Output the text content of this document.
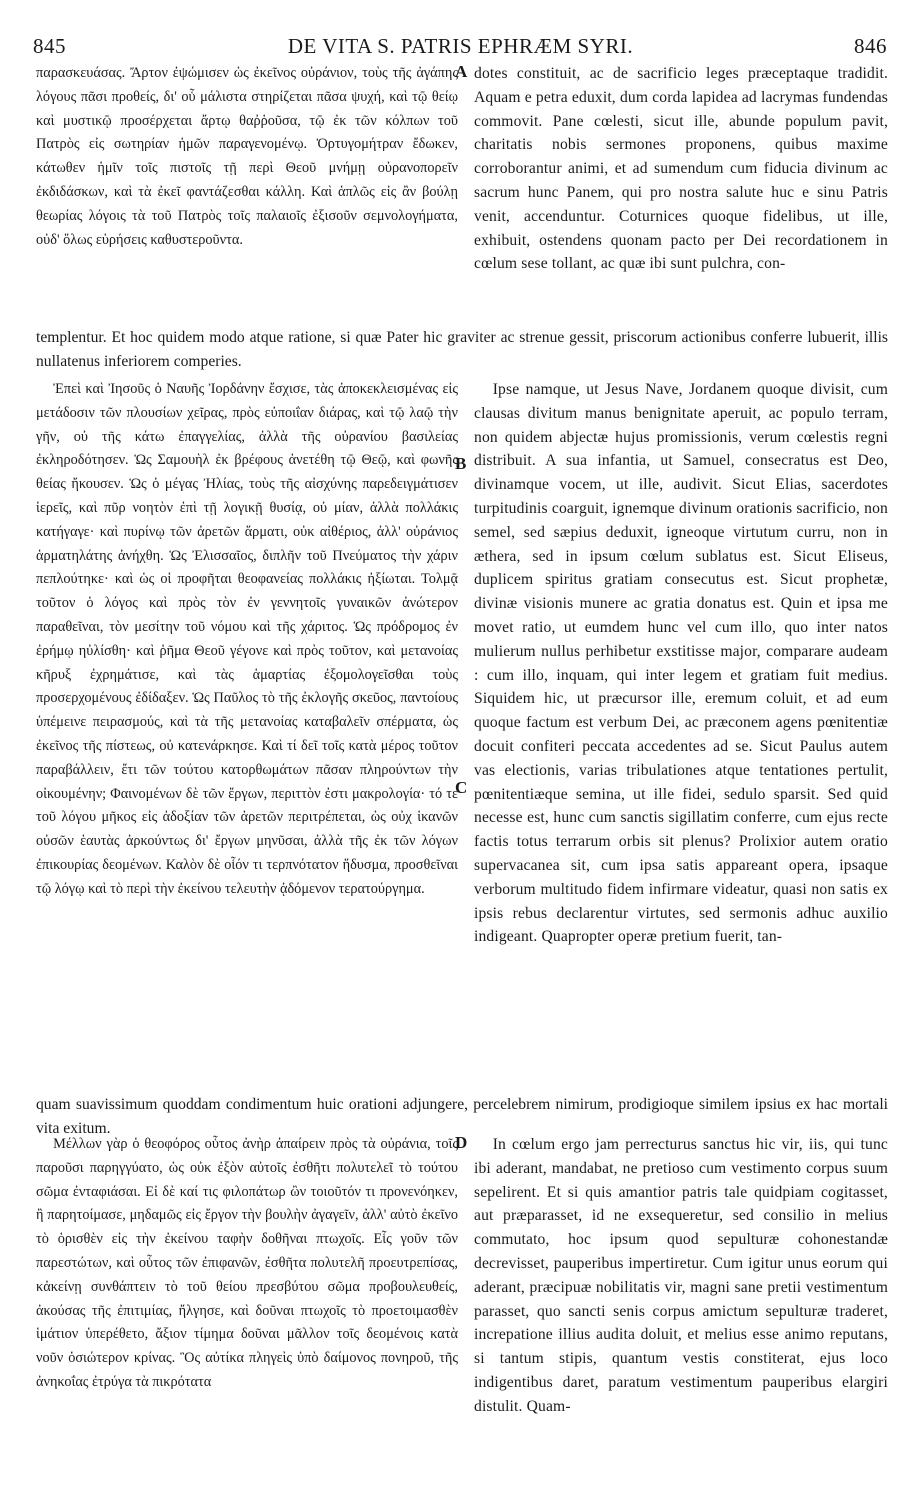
845	DE VITA S. PATRIS EPHRÆM SYRI.	846
A
B
C
D

παρασκευάσας. Ἄρτον ἐψώμισεν ὡς ἐκεῖνος οὐράνιον, τοὺς τῆς ἀγάπης λόγους πᾶσι προθείς, δι' οὗ μάλιστα στηρίζεται πᾶσα ψυχή, καὶ τῷ θείῳ καὶ μυστικῷ προσέρχεται ἄρτῳ θαῤῥοῦσα, τῷ ἐκ τῶν κόλπων τοῦ Πατρὸς εἰς σωτηρίαν ἡμῶν παραγενομένῳ. Ὀρτυγομήτραν ἔδωκεν, κάτωθεν ἡμῖν τοῖς πιστοῖς τῇ περὶ Θεοῦ μνήμῃ οὐρανοπορεῖν ἐκδιδάσκων, καὶ τὰ ἐκεῖ φαντάζεσθαι κάλλη. Καὶ ἁπλῶς εἰς ἂν βούλῃ θεωρίας λόγοις τὰ τοῦ Πατρὸς τοῖς παλαιοῖς ἐξισοῦν σεμνολογήματα, οὐδ' ὅλως εὑρήσεις καθυστεροῦντα.

dotes constituit, ac de sacrificio leges præceptaque tradidit. Aquam e petra eduxit, dum corda lapidea ad lacrymas fundendas commovit. Pane cœlesti, sicut ille, abunde populum pavit, charitatis nobis sermones proponens, quibus maxime corroborantur animi, et ad sumendum cum fiducia divinum ac sacrum hunc Panem, qui pro nostra salute huc e sinu Patris venit, accenduntur. Coturnices quoque fidelibus, ut ille, exhibuit, ostendens quonam pacto per Dei recordationem in cœlum sese tollant, ac quæ ibi sunt pulchra, con-

templentur. Et hoc quidem modo atque ratione, si quæ Pater hic graviter ac strenue gessit, priscorum actionibus conferre lubuerit, illis nullatenus inferiorem comperies.

Ἐπεὶ καὶ Ἰησοῦς ὁ Ναυῆς Ἰορδάνην ἔσχισε, τὰς ἀποκεκλεισμένας εἰς μετάδοσιν τῶν πλουσίων χεῖρας, πρὸς εὐποιΐαν διάρας, καὶ τῷ λαῷ τὴν γῆν, οὐ τῆς κάτω ἐπαγγελίας, ἀλλὰ τῆς οὐρανίου βασιλείας ἐκληροδότησεν. Ὡς Σαμουὴλ ἐκ βρέφους ἀνετέθη τῷ Θεῷ, καὶ φωνῆς θείας ἤκουσεν. Ὡς ὁ μέγας Ἠλίας, τοὺς τῆς αἰσχύνης παρεδειγμάτισεν ἱερεῖς, καὶ πῦρ νοητὸν ἐπὶ τῇ λογικῇ θυσίᾳ, οὐ μίαν, ἀλλὰ πολλάκις κατήγαγε· καὶ πυρίνῳ τῶν ἀρετῶν ἅρματι, οὐκ αἰθέριος, ἀλλ' οὐράνιος ἁρματηλάτης ἀνήχθη. Ὡς Ἐλισσαῖος, διπλῆν τοῦ Πνεύματος τὴν χάριν πεπλούτηκε· καὶ ὡς οἱ προφῆται θεοφανείας πολλάκις ἠξίωται. Τολμᾷ τοῦτον ὁ λόγος καὶ πρὸς τὸν ἐν γεννητοῖς γυναικῶν ἀνώτερον παραθεῖναι, τὸν μεσίτην τοῦ νόμου καὶ τῆς χάριτος. Ὡς πρόδρομος ἐν ἐρήμῳ ηὐλίσθη· καὶ ῥῆμα Θεοῦ γέγονε καὶ πρὸς τοῦτον, καὶ μετανοίας κῆρυξ ἐχρημάτισε, καὶ τὰς ἁμαρτίας ἐξομολογεῖσθαι τοὺς προσερχομένους ἐδίδαξεν. Ὡς Παῦλος τὸ τῆς ἐκλογῆς σκεῦος, παντοίους ὑπέμεινε πειρασμούς, καὶ τὰ τῆς μετανοίας καταβαλεῖν σπέρματα, ὡς ἐκεῖνος τῆς πίστεως, οὐ κατενάρκησε. Καὶ τί δεῖ τοῖς κατὰ μέρος τοῦτον παραβάλλειν, ἔτι τῶν τούτου κατορθωμάτων πᾶσαν πληρούντων τὴν οἰκουμένην; Φαινομένων δὲ τῶν ἔργων, περιττὸν ἐστι μακρολογία· τό τε τοῦ λόγου μῆκος εἰς ἀδοξίαν τῶν ἀρετῶν περιτρέπεται, ὡς οὐχ ἱκανῶν οὐσῶν ἑαυτὰς ἀρκούντως δι' ἔργων μηνῦσαι, ἀλλὰ τῆς ἐκ τῶν λόγων ἐπικουρίας δεομένων. Καλὸν δὲ οἷόν τι τερπνότατον ἥδυσμα, προσθεῖναι τῷ λόγῳ καὶ τὸ περὶ τὴν ἐκείνου τελευτὴν ᾀδόμενον τερατούργημα.

Ipse namque, ut Jesus Nave, Jordanem quoque divisit, cum clausas divitum manus benignitate aperuit, ac populo terram, non quidem abjectæ hujus promissionis, verum cœlestis regni distribuit. A sua infantia, ut Samuel, consecratus est Deo, divinamque vocem, ut ille, audivit. Sicut Elias, sacerdotes turpitudinis coarguit, ignemque divinum orationis sacrificio, non semel, sed sæpius deduxit, igneoque virtutum curru, non in æthera, sed in ipsum cœlum sublatus est. Sicut Eliseus, duplicem spiritus gratiam consecutus est. Sicut prophetæ, divinæ visionis munere ac gratia donatus est. Quin et ipsa me movet ratio, ut eumdem hunc vel cum illo, quo inter natos mulierum nullus perhibetur exstitisse major, comparare audeam : cum illo, inquam, qui inter legem et gratiam fuit medius. Siquidem hic, ut præcursor ille, eremum coluit, et ad eum quoque factum est verbum Dei, ac præconem agens pœnitentiæ docuit confiteri peccata accedentes ad se. Sicut Paulus autem vas electionis, varias tribulationes atque tentationes pertulit, pœnitentiæque semina, ut ille fidei, sedulo sparsit. Sed quid necesse est, hunc cum sanctis sigillatim conferre, cum ejus recte factis totus terrarum orbis sit plenus? Prolixior autem oratio supervacanea sit, cum ipsa satis appareant opera, ipsaque verborum multitudo fidem infirmare videatur, quasi non satis ex ipsis rebus declarentur virtutes, sed sermonis adhuc auxilio indigeant. Quapropter operæ pretium fuerit, tan-

quam suavissimum quoddam condimentum huic orationi adjungere, percelebrem nimirum, prodigioque similem ipsius ex hac mortali vita exitum.

Μέλλων γὰρ ὁ θεοφόρος οὗτος ἀνὴρ ἀπαίρειν πρὸς τὰ οὐράνια, τοῖς παροῦσι παρηγγύατο, ὡς οὐκ ἐξὸν αὐτοῖς ἐσθῆτι πολυτελεῖ τὸ τούτου σῶμα ἐνταφιάσαι. Εἰ δὲ καί τις φιλοπάτωρ ὢν τοιοῦτόν τι προνενόηκεν, ἢ παρητοίμασε, μηδαμῶς εἰς ἔργον τὴν βουλὴν ἀγαγεῖν, ἀλλ' αὐτὸ ἐκεῖνο τὸ ὁρισθὲν εἰς τὴν ἐκείνου ταφὴν δοθῆναι πτωχοῖς. Εἷς γοῦν τῶν παρεστώτων, καὶ οὗτος τῶν ἐπιφανῶν, ἐσθῆτα πολυτελῆ προευτρεπίσας, κἀκείνῃ συνθάπτειν τὸ τοῦ θείου πρεσβύτου σῶμα προβουλευθείς, ἀκούσας τῆς ἐπιτιμίας, ἤλγησε, καὶ δοῦναι πτωχοῖς τὸ προετοιμασθὲν ἱμάτιον ὑπερέθετο, ἄξιον τίμημα δοῦναι μᾶλλον τοῖς δεομένοις κατὰ νοῦν ὁσιώτερον κρίνας. Ὃς αὐτίκα πληγεὶς ὑπὸ δαίμονος πονηροῦ, τῆς ἀνηκοΐας ἐτρύγα τὰ πικρότατα

In cœlum ergo jam perrecturus sanctus hic vir, iis, qui tunc ibi aderant, mandabat, ne pretioso cum vestimento corpus suum sepelirent. Et si quis amantior patris tale quidpiam cogitasset, aut præparasset, id ne exsequeretur, sed consilio in melius commutato, hoc ipsum quod sepulturæ cohonestandæ decrevisset, pauperibus impertiretur. Cum igitur unus eorum qui aderant, præcipuæ nobilitatis vir, magni sane pretii vestimentum parasset, quo sancti senis corpus amictum sepulturæ traderet, increpatione illius audita doluit, et melius esse animo reputans, si tantum stipis, quantum vestis constiterat, ejus loco indigentibus daret, paratum vestimentum pauperibus elargiri distulit. Quam-
